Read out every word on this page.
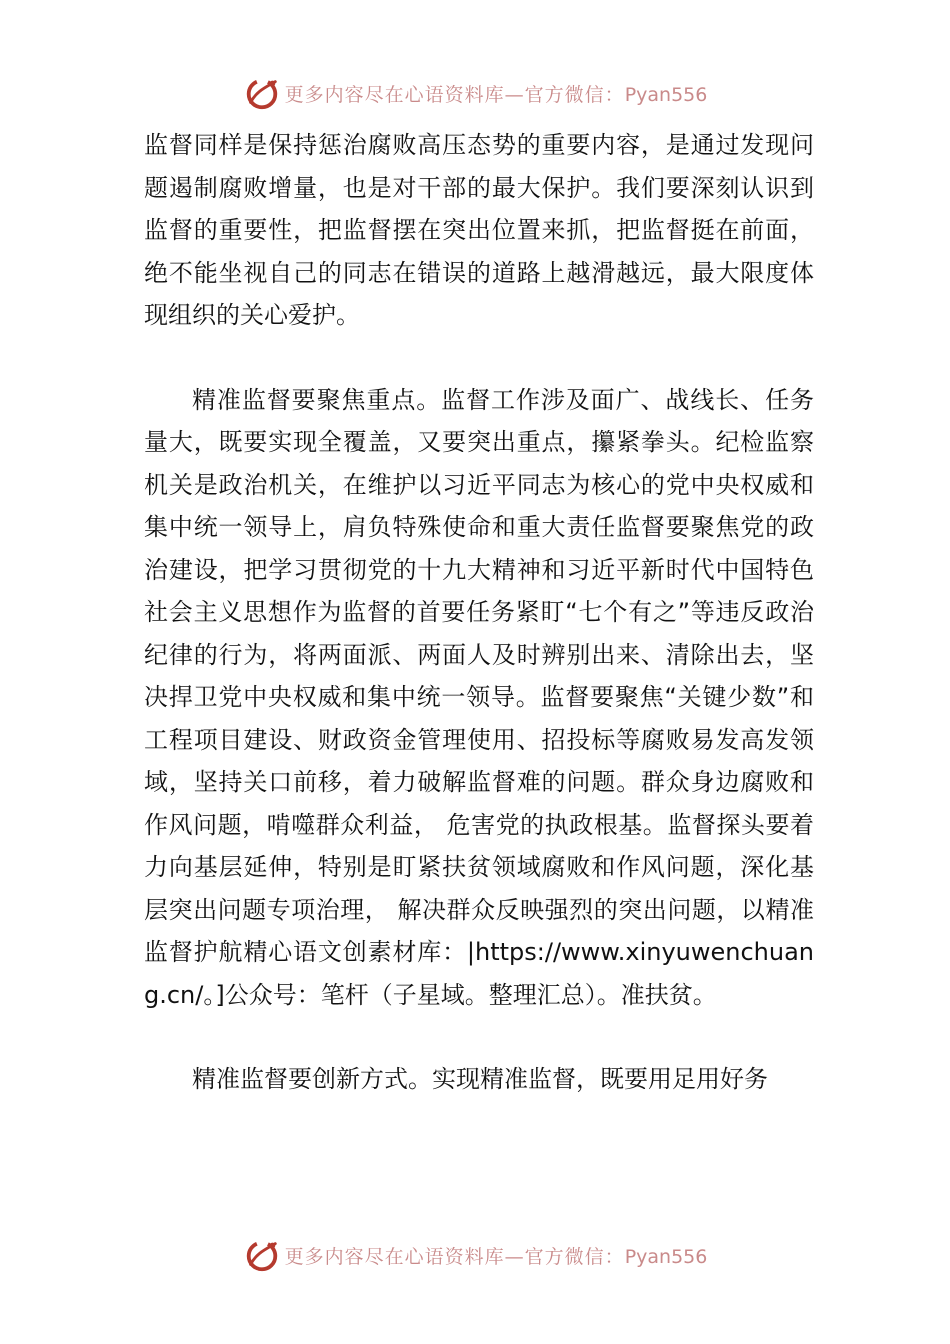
更多内容尽在心语资料库—官方微信：Pyan556

监督同样是保持惩治腐败高压态势的重要内容，是通过发现问题遏制腐败增量，也是对干部的最大保护。我们要深刻认识到监督的重要性，把监督摆在突出位置来抓，把监督挺在前面，绝不能坐视自己的同志在错误的道路上越滑越远，最大限度体现组织的关心爱护。

精准监督要聚焦重点。监督工作涉及面广、战线长、任务量大，既要实现全覆盖，又要突出重点，攥紧拳头。纪检监察机关是政治机关，在维护以习近平同志为核心的党中央权威和集中统一领导上，肩负特殊使命和重大责任监督要聚焦党的政治建设，把学习贯彻党的十九大精神和习近平新时代中国特色社会主义思想作为监督的首要任务紧盯“七个有之”等违反政治纪律的行为，将两面派、两面人及时辨别出来、清除出去，坚决捍卫党中央权威和集中统一领导。监督要聚焦“关键少数”和工程项目建设、财政资金管理使用、招投标等腐败易发高发领域，坚持关口前移，着力破解监督难的问题。群众身边腐败和作风问题，啃噬群众利益， 危害党的执政根基。监督探头要着力向基层延伸，特别是盯紧扶贫领域腐败和作风问题，深化基层突出问题专项治理， 解决群众反映强烈的突出问题，以精准监督护航精心语文创素材库：|https://www.xinyuwenchuang.cn/。]公众号：笔杆（子星域。整理汇总）。准扶贫。

精准监督要创新方式。实现精准监督，既要用足用好务

更多内容尽在心语资料库—官方微信：Pyan556
